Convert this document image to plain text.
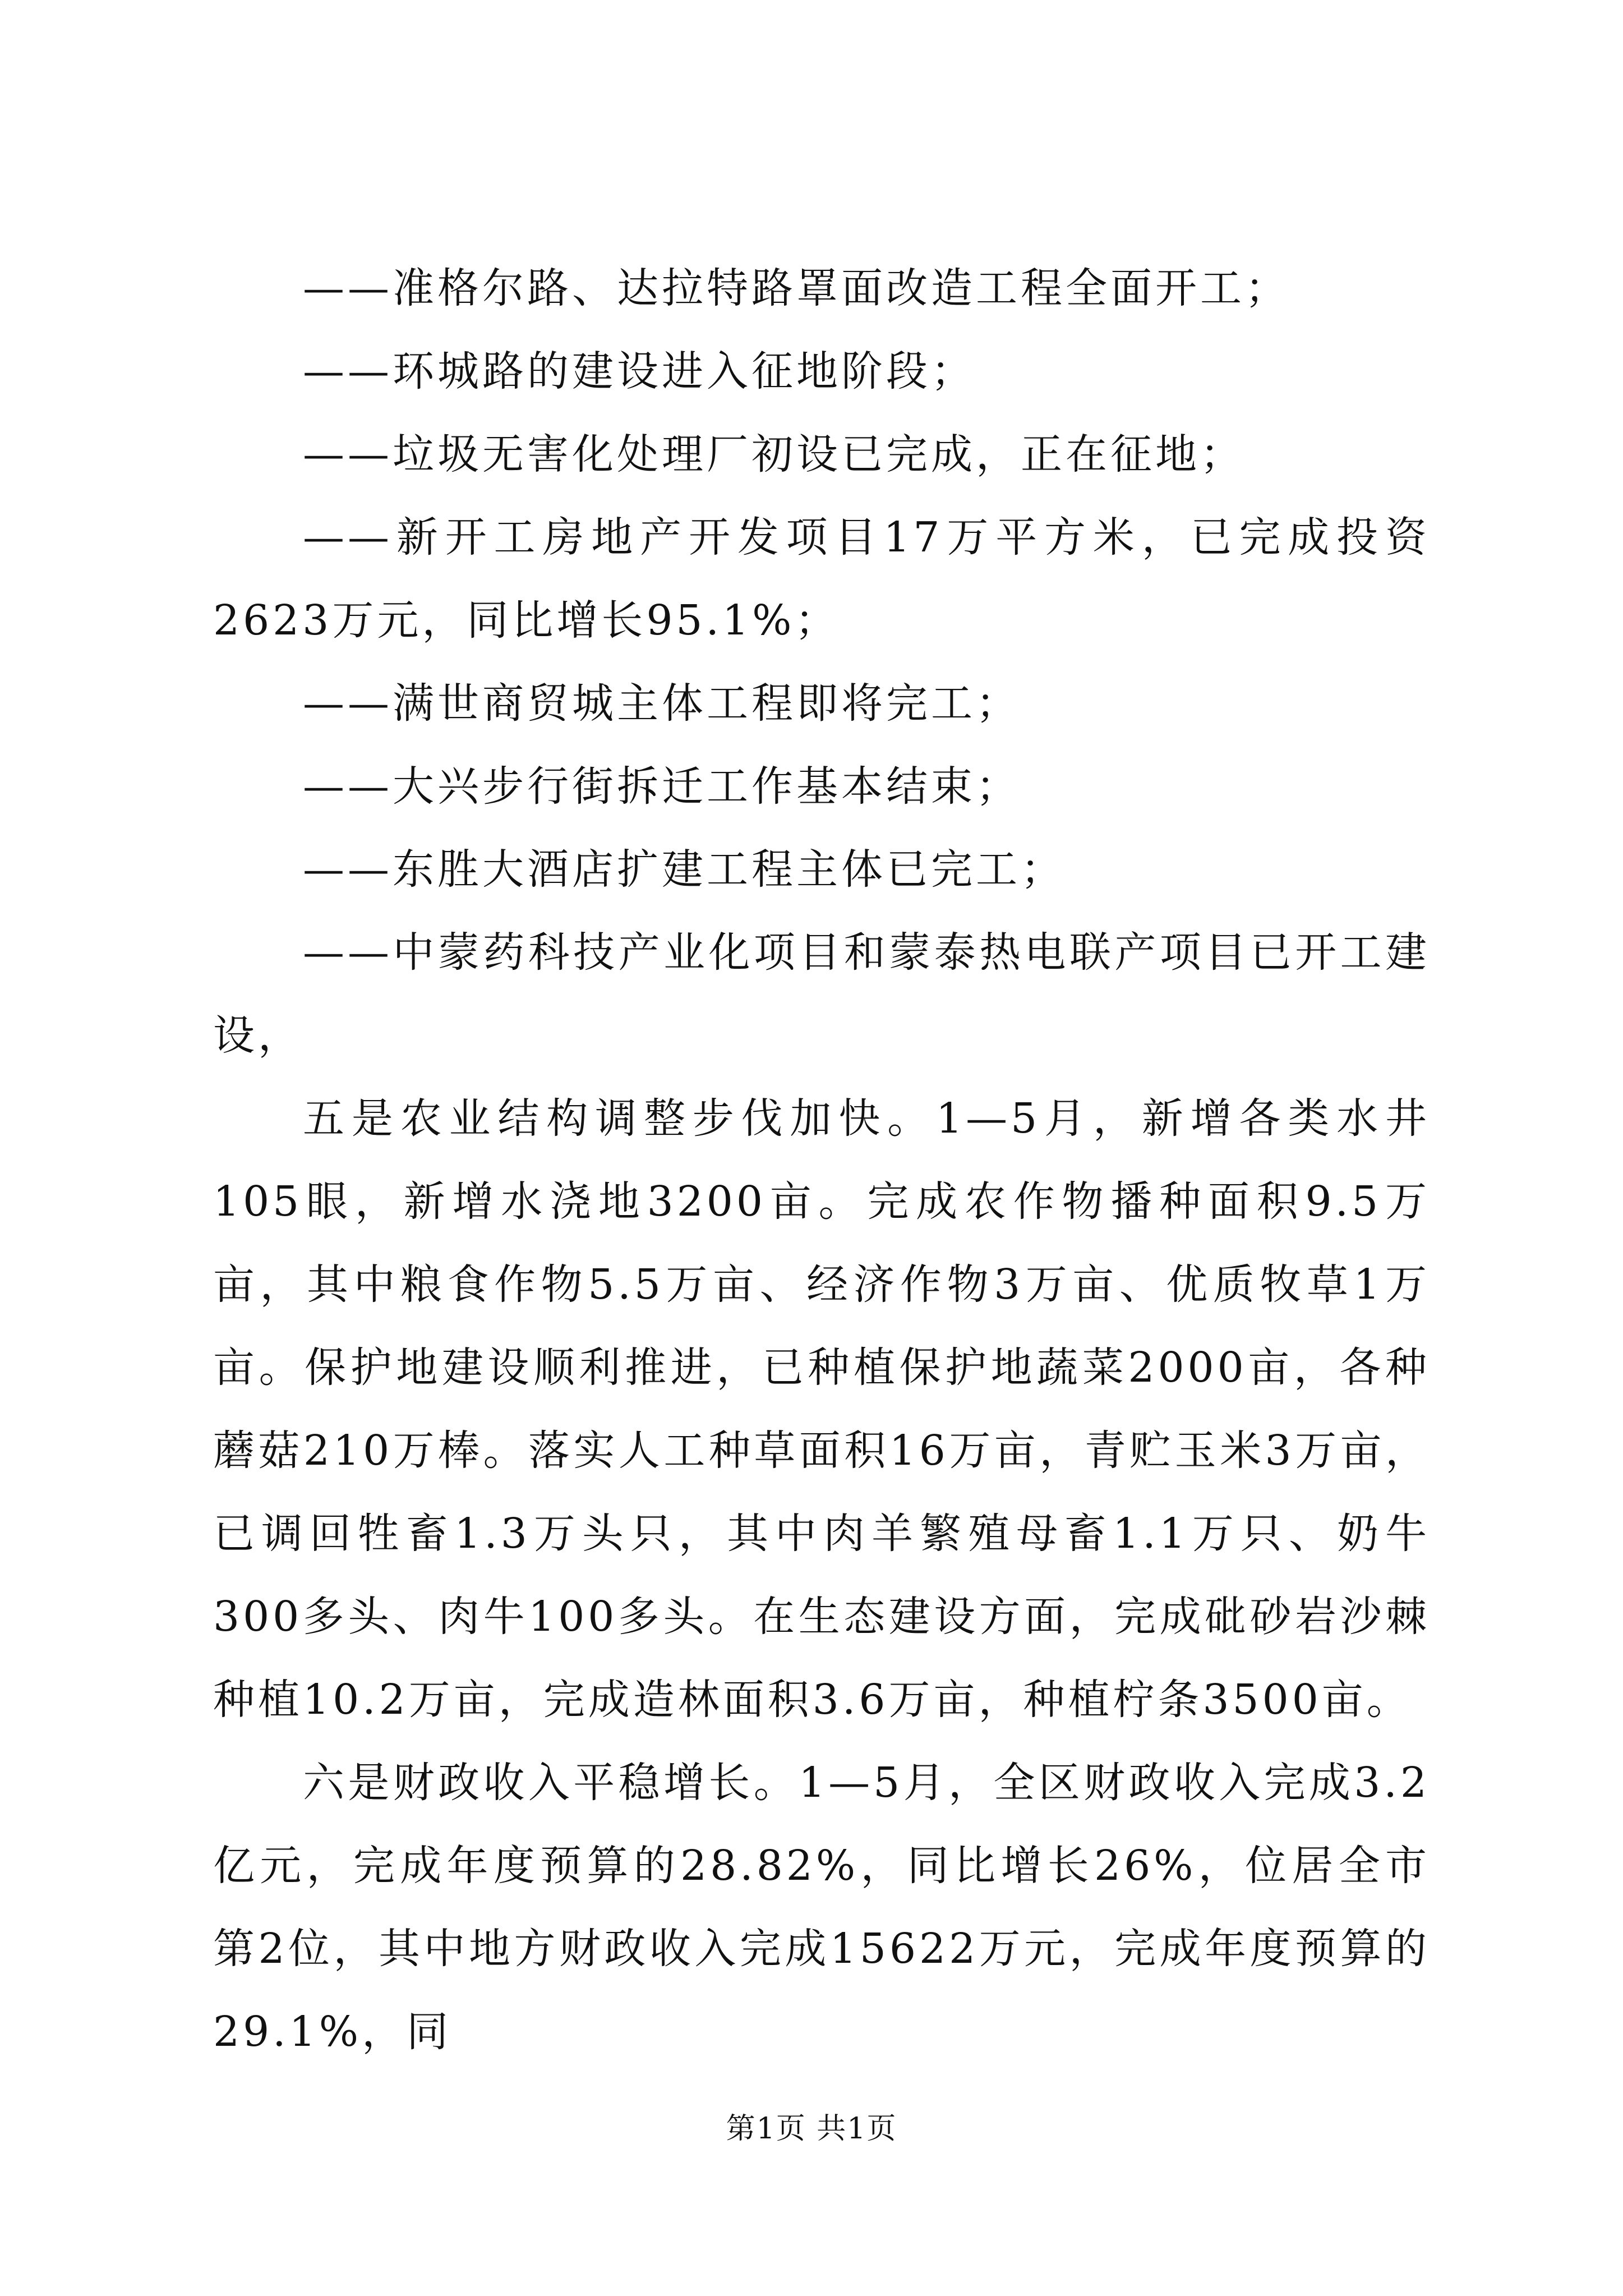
——准格尔路、达拉特路罩面改造工程全面开工；

——环城路的建设进入征地阶段；

——垃圾无害化处理厂初设已完成，正在征地；

——新开工房地产开发项目17万平方米，已完成投资2623万元，同比增长95.1%；

——满世商贸城主体工程即将完工；

——大兴步行街拆迁工作基本结束；

——东胜大酒店扩建工程主体已完工；

——中蒙药科技产业化项目和蒙泰热电联产项目已开工建设，

五是农业结构调整步伐加快。1—5月，新增各类水井105眼，新增水浇地3200亩。完成农作物播种面积9.5万亩，其中粮食作物5.5万亩、经济作物3万亩、优质牧草1万亩。保护地建设顺利推进，已种植保护地蔬菜2000亩，各种蘑菇210万棒。落实人工种草面积16万亩，青贮玉米3万亩，已调回牲畜1.3万头只，其中肉羊繁殖母畜1.1万只、奶牛300多头、肉牛100多头。在生态建设方面，完成砒砂岩沙棘种植10.2万亩，完成造林面积3.6万亩，种植柠条3500亩。

六是财政收入平稳增长。1—5月，全区财政收入完成3.2亿元，完成年度预算的28.82%，同比增长26%，位居全市第2位，其中地方财政收入完成15622万元，完成年度预算的29.1%，同

第1页 共1页
